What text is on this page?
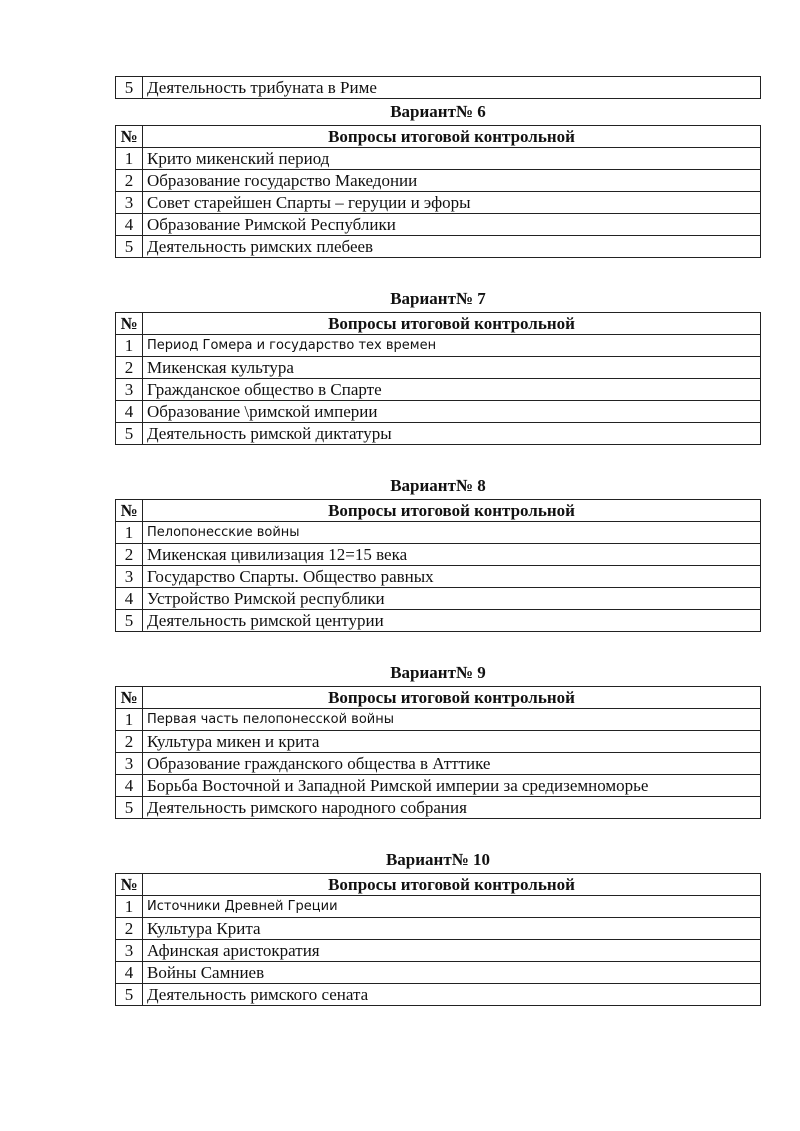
5	Деятельность трибуната в Риме
Вариант№ 6
№	Вопросы итоговой контрольной
1	Крито микенский период
2	Образование государство Македонии
3	Совет старейшен Спарты – геруции и эфоры
4	Образование Римской Республики
5	Деятельность римских плебеев
Вариант№ 7
№	Вопросы итоговой контрольной
1	Период Гомера и государство тех времен
2	Микенская культура
3	Гражданское общество в Спарте
4	Образование \римской империи
5	Деятельность римской диктатуры
Вариант№ 8
№	Вопросы итоговой контрольной
1	Пелопонесские войны
2	Микенская цивилизация 12=15 века
3	Государство Спарты. Общество равных
4	Устройство Римской республики
5	Деятельность римской центурии
Вариант№ 9
№	Вопросы итоговой контрольной
1	Первая часть пелопонесской войны
2	Культура микен и крита
3	Образование гражданского общества в Атттике
4	Борьба Восточной и Западной Римской империи за средиземноморье
5	Деятельность римского народного собрания
Вариант№ 10
№	Вопросы итоговой контрольной
1	Источники Древней Греции
2	Культура Крита
3	Афинская аристократия
4	Войны Самниев
5	Деятельность римского сената
